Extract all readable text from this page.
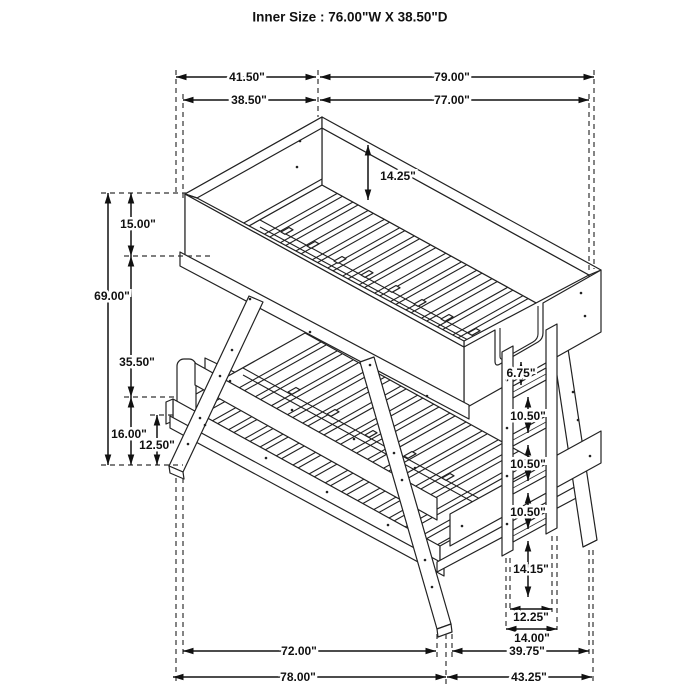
Inner Size : 76.00"W X 38.50"D
41.50"	79.00"
38.50"	77.00"
69.00"
15.00"
35.50"
16.00"
12.50"
14.25"
6.75"
10.50"
10.50"
10.50"
14.15"
12.25"
14.00"
72.00"	39.75"
78.00"	43.25"
